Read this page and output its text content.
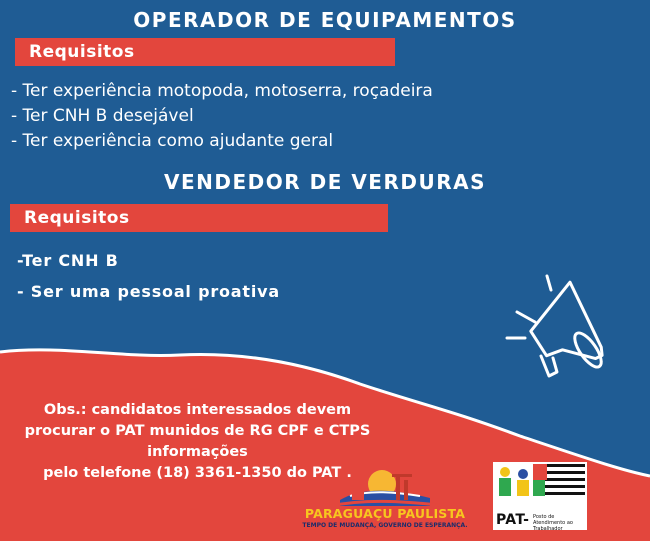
OPERADOR DE EQUIPAMENTOS
Requisitos
- Ter experiência motopoda, motoserra, roçadeira
- Ter CNH B desejável
- Ter experiência como ajudante geral
VENDEDOR DE VERDURAS
Requisitos
-Ter CNH B
- Ser uma pessoal proativa

Obs.: candidatos interessados devem

procurar o PAT munidos de RG CPF e CTPS

informações

pelo telefone (18) 3361-1350 do PAT .

PARAGUAÇU PAULISTA
TEMPO DE MUDANÇA, GOVERNO DE ESPERANÇA. PAT- Posto de Atendimento ao Trabalhador
